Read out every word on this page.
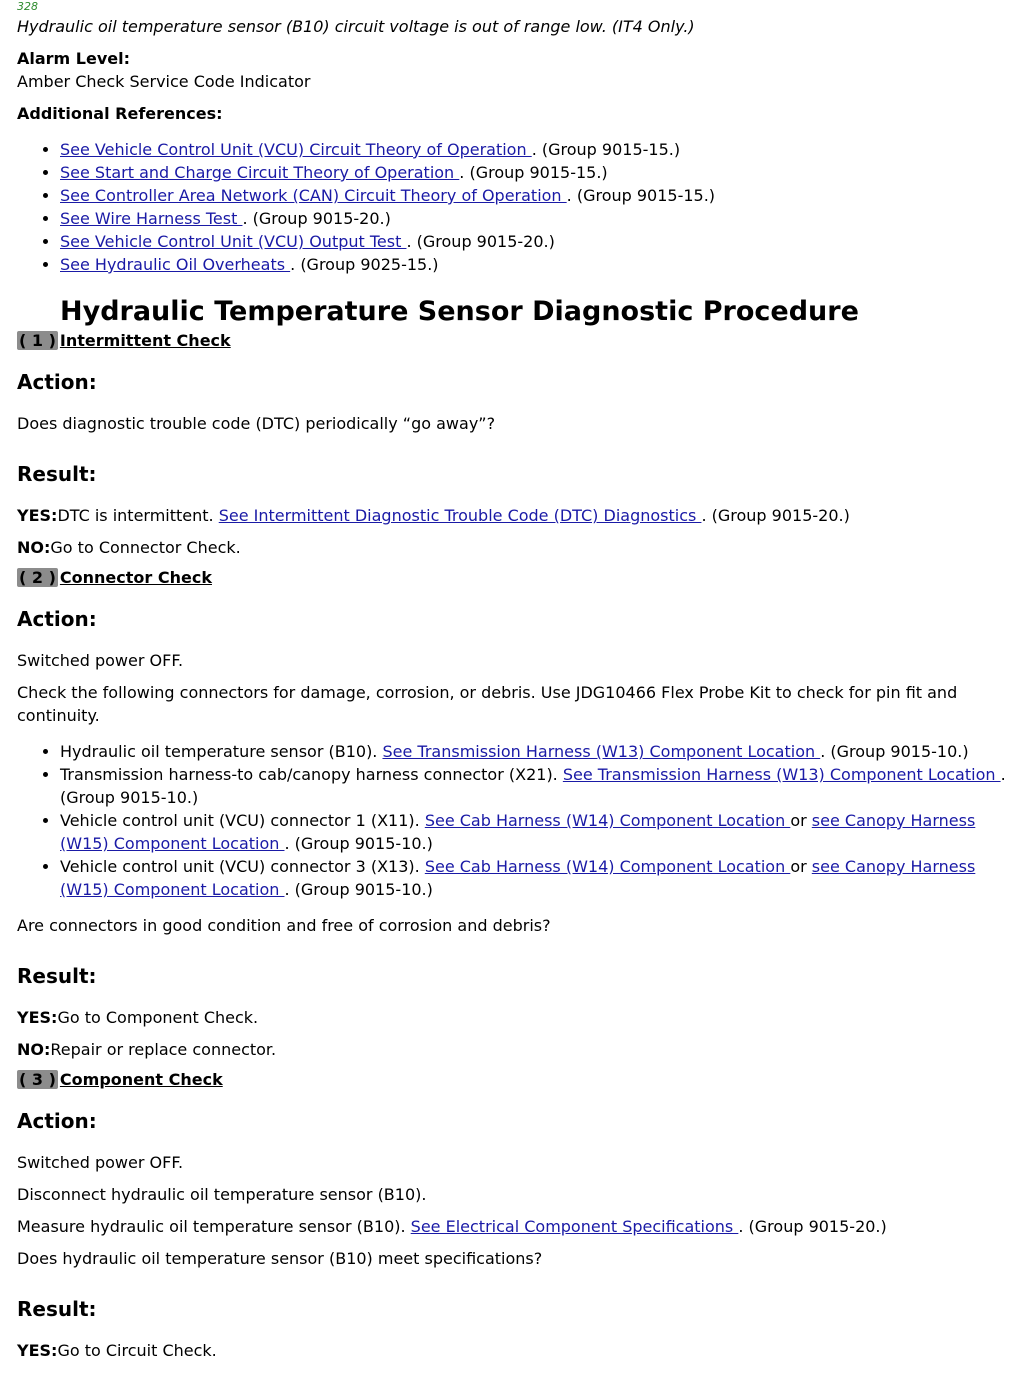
328
Hydraulic oil temperature sensor (B10) circuit voltage is out of range low. (IT4 Only.)
Alarm Level:
Amber Check Service Code Indicator
Additional References:
• See Vehicle Control Unit (VCU) Circuit Theory of Operation . (Group 9015-15.)
• See Start and Charge Circuit Theory of Operation . (Group 9015-15.)
• See Controller Area Network (CAN) Circuit Theory of Operation . (Group 9015-15.)
• See Wire Harness Test . (Group 9015-20.)
• See Vehicle Control Unit (VCU) Output Test . (Group 9015-20.)
• See Hydraulic Oil Overheats . (Group 9025-15.)
Hydraulic Temperature Sensor Diagnostic Procedure
( 1 ) Intermittent Check
Action:

Does diagnostic trouble code (DTC) periodically “go away”?

Result:

YES:DTC is intermittent. See Intermittent Diagnostic Trouble Code (DTC) Diagnostics . (Group 9015-20.)

NO:Go to Connector Check.

( 2 ) Connector Check
Action:

Switched power OFF.

Check the following connectors for damage, corrosion, or debris. Use JDG10466 Flex Probe Kit to check for pin fit and continuity.

• Hydraulic oil temperature sensor (B10). See Transmission Harness (W13) Component Location . (Group 9015-10.)
• Transmission harness-to cab/canopy harness connector (X21). See Transmission Harness (W13) Component Location . (Group 9015-10.)
• Vehicle control unit (VCU) connector 1 (X11). See Cab Harness (W14) Component Location or see Canopy Harness (W15) Component Location . (Group 9015-10.)
• Vehicle control unit (VCU) connector 3 (X13). See Cab Harness (W14) Component Location or see Canopy Harness (W15) Component Location . (Group 9015-10.)

Are connectors in good condition and free of corrosion and debris?

Result:

YES:Go to Component Check.

NO:Repair or replace connector.

( 3 ) Component Check
Action:

Switched power OFF.

Disconnect hydraulic oil temperature sensor (B10).

Measure hydraulic oil temperature sensor (B10). See Electrical Component Specifications . (Group 9015-20.)

Does hydraulic oil temperature sensor (B10) meet specifications?

Result:

YES:Go to Circuit Check.
